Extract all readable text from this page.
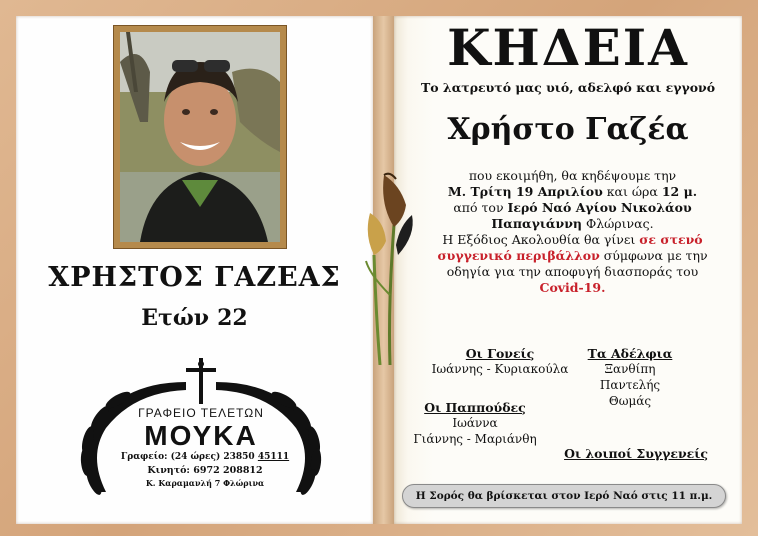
ΧΡΗΣΤΟΣ ΓΑΖΕΑΣ
Ετών 22
ΓΡΑΦΕΙΟ ΤΕΛΕΤΩΝ
ΜΟΥΚΑ
Γραφείο: (24 ώρες) 23850 45111
Κινητό: 6972 208812
Κ. Καραμανλή 7 Φλώρινα
ΚΗΔΕΙΑ
Το λατρευτό μας υιό, αδελφό και εγγονό
Χρήστο Γαζέα
που εκοιμήθη, θα κηδέψουμε την
Μ. Τρίτη 19 Απριλίου και ώρα 12 μ.
από τον Ιερό Ναό Αγίου Νικολάου
Παπαγιάννη Φλώρινας.
Η Εξόδιος Ακολουθία θα γίνει σε στενό
συγγενικό περιβάλλον σύμφωνα με την
οδηγία για την αποφυγή διασποράς του
Covid-19.
Οι Γονείς
Ιωάννης - Κυριακούλα
Τα Αδέλφια
Ξανθίπη
Παντελής
Θωμάς
Οι Παππούδες
Ιωάννα
Γιάννης - Μαριάνθη
Οι λοιποί Συγγενείς
Η Σορός θα βρίσκεται στον Ιερό Ναό στις 11 π.μ.
